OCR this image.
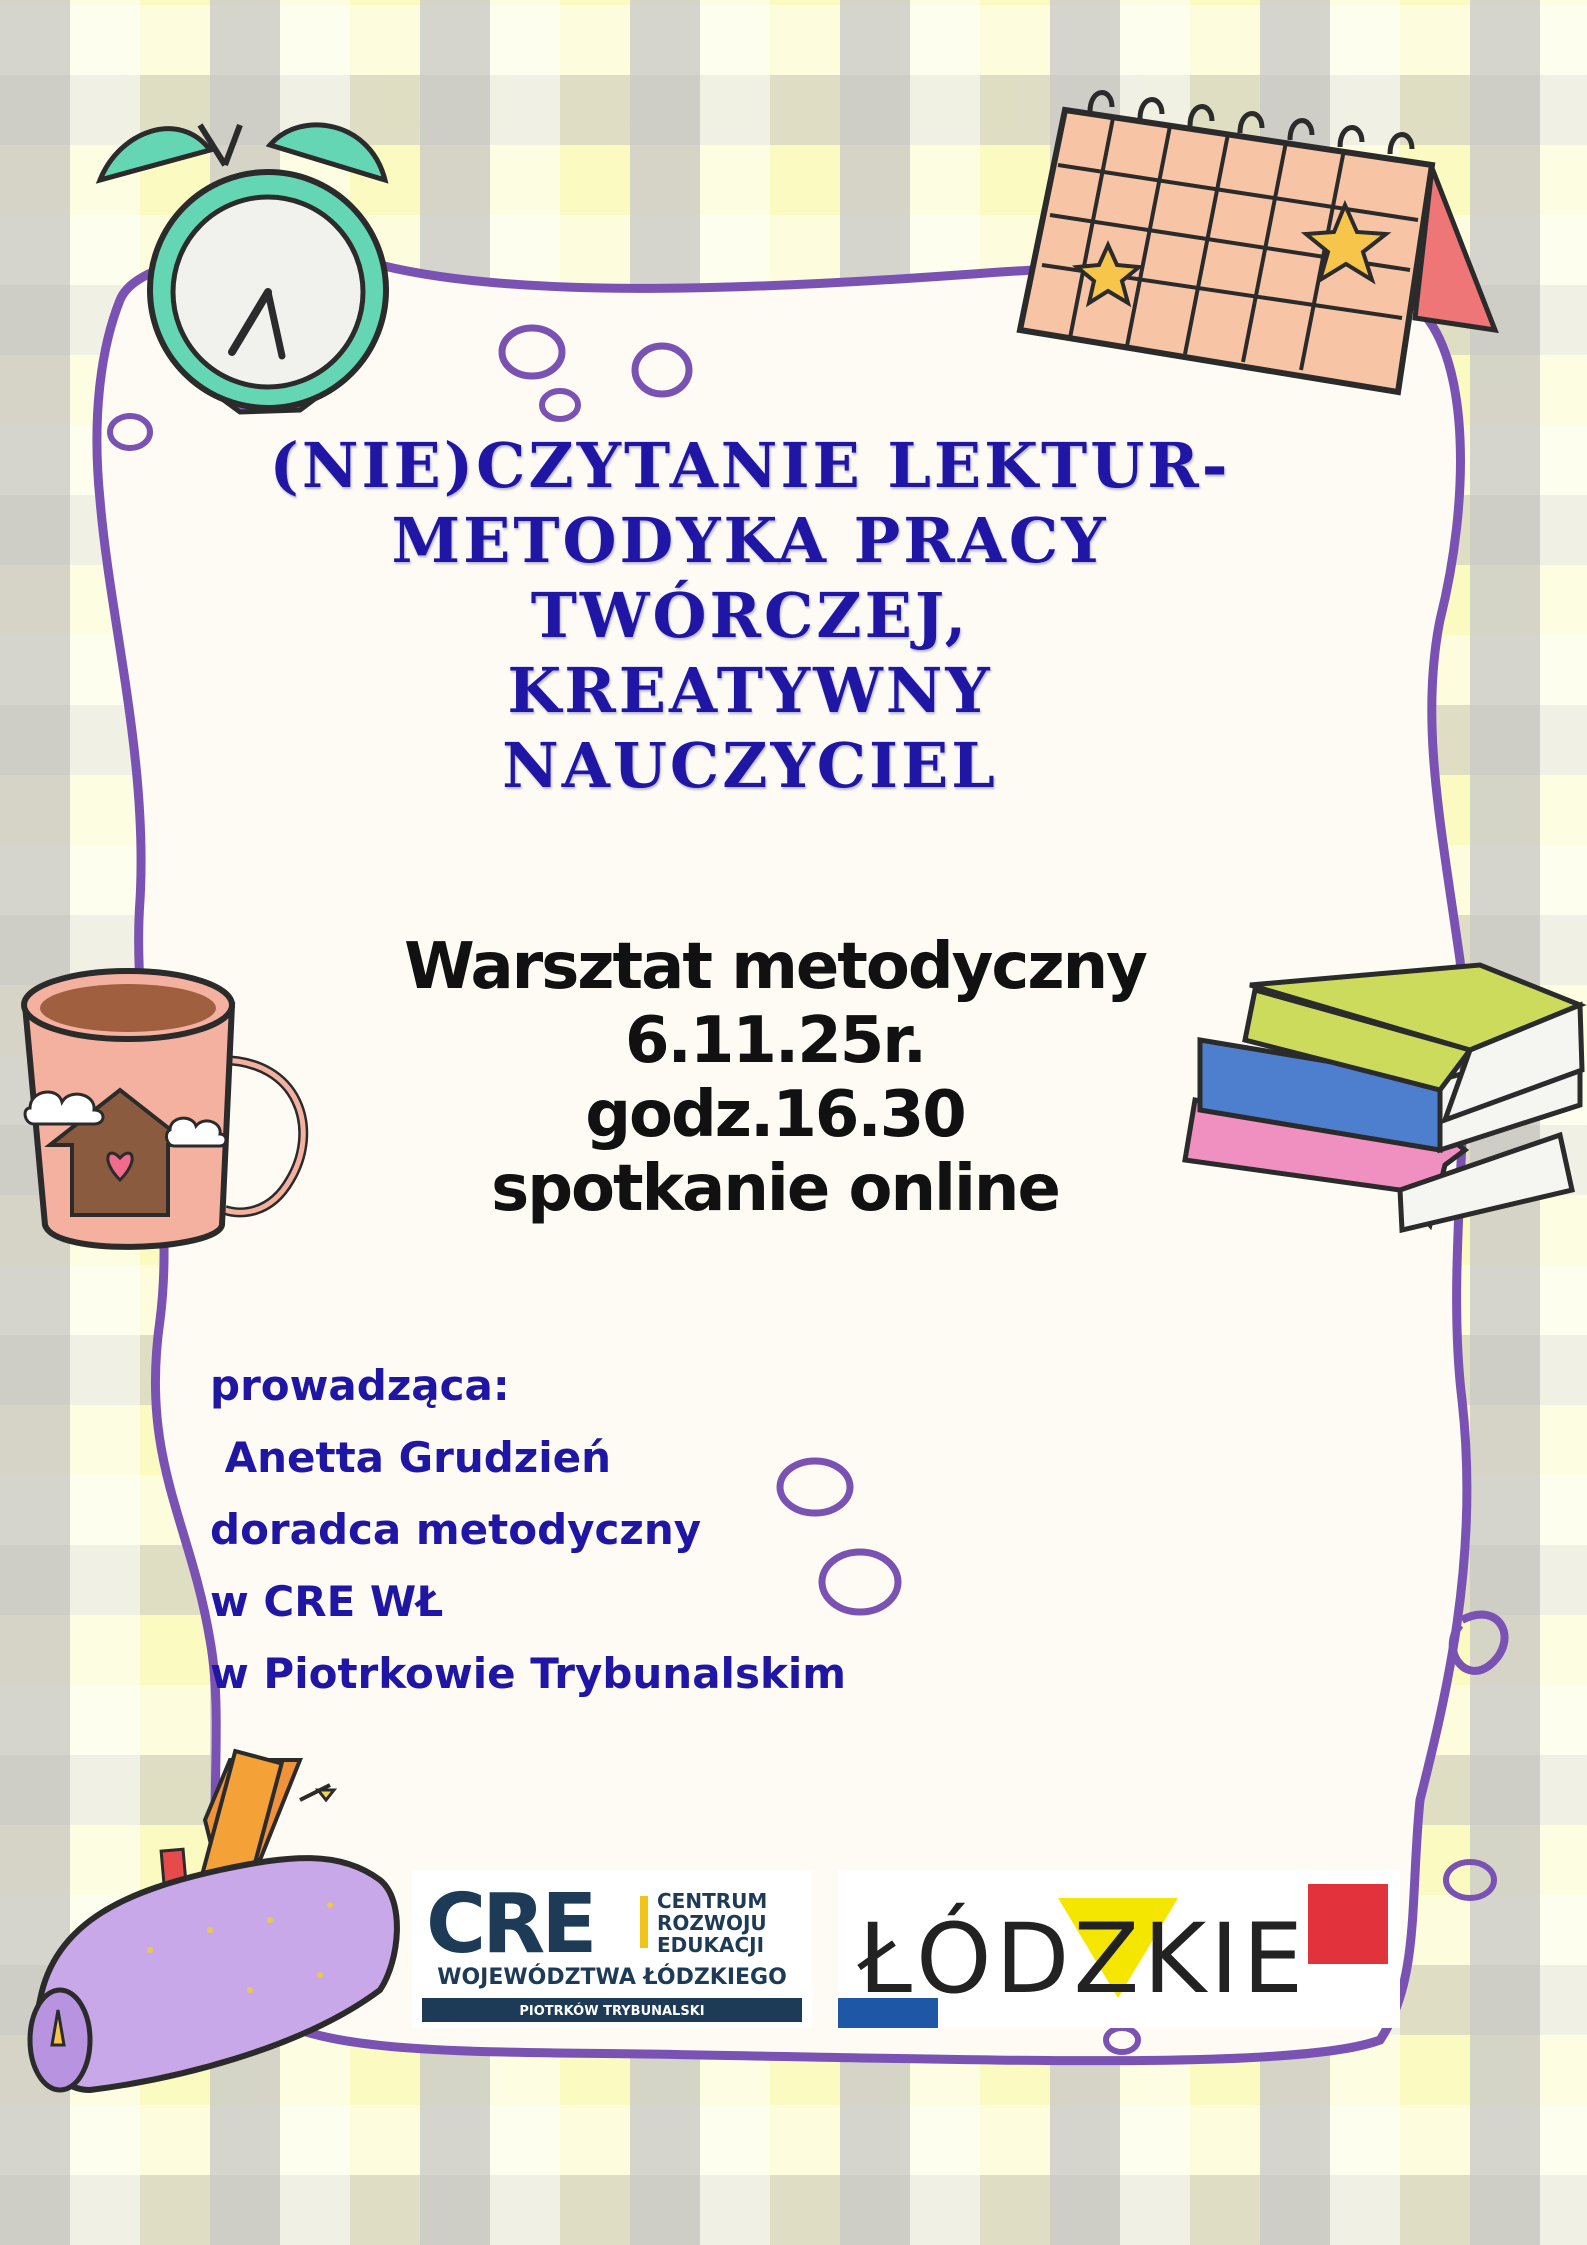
(NIE)CZYTANIE LEKTUR-
METODYKA PRACY
TWÓRCZEJ,
KREATYWNY
NAUCZYCIEL
Warsztat metodyczny
6.11.25r.
godz.16.30
spotkanie online
prowadząca:
Anetta Grudzień
doradca metodyczny
w CRE WŁ
w Piotrkowie Trybunalskim
CRE	CENTRUM
ROZWOJU
EDUKACJI
WOJEWÓDZTWA ŁÓDZKIEGO
PIOTRKÓW TRYBUNALSKI ŁÓDZKIE
